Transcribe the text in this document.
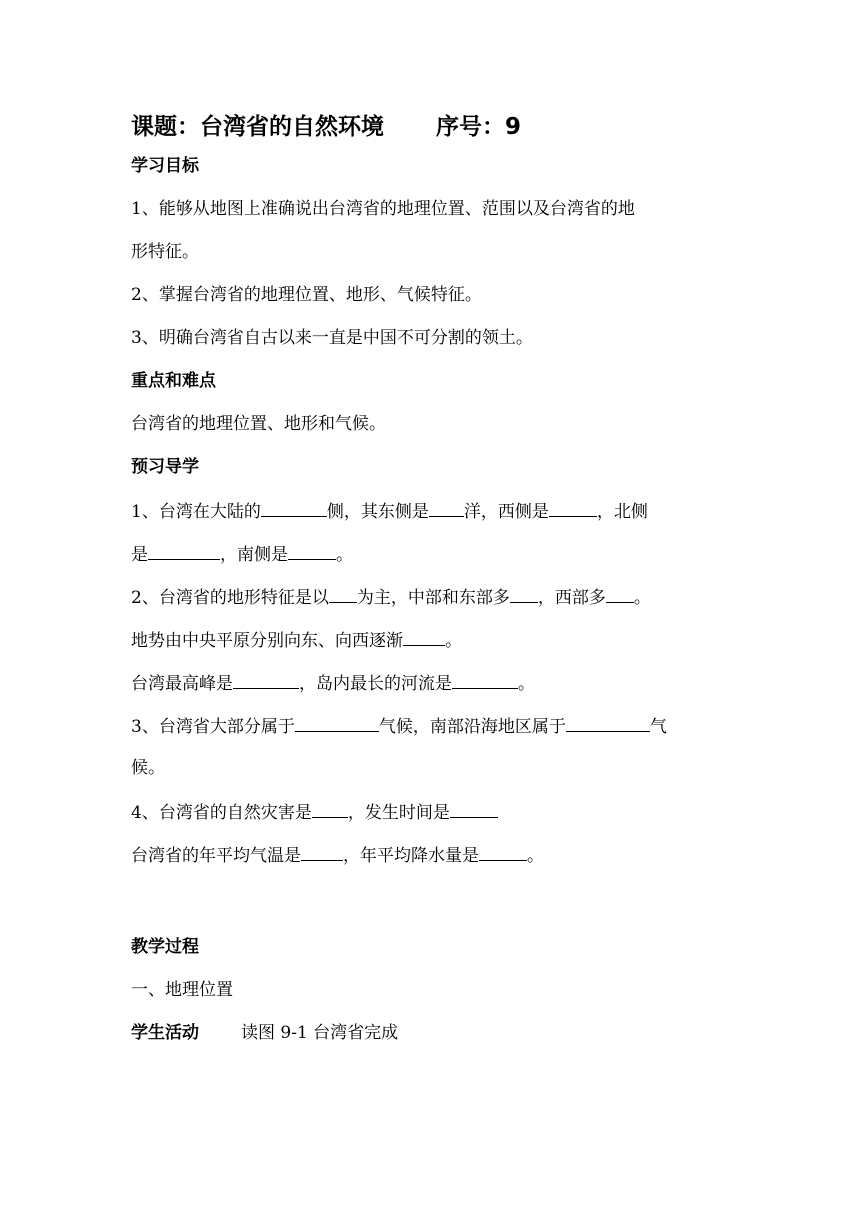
课题：台湾省的自然环境 序号：9
学习目标
1、能够从地图上准确说出台湾省的地理位置、范围以及台湾省的地
形特征。
2、掌握台湾省的地理位置、地形、气候特征。
3、明确台湾省自古以来一直是中国不可分割的领土。
重点和难点
台湾省的地理位置、地形和气候。
预习导学
1、台湾在大陆的	侧，其东侧是 洋，西侧是	，北侧
是	，南侧是	。
2、台湾省的地形特征是以 为主，中部和东部多 ，西部多 。
地势由中央平原分别向东、向西逐渐 。
台湾最高峰是	，岛内最长的河流是	。
3、台湾省大部分属于	气候，南部沿海地区属于	气
候。
4、台湾省的自然灾害是 ，发生时间是
台湾省的年平均气温是 ，年平均降水量是	。
教学过程
一、地理位置
学生活动 读图 9-1 台湾省完成
